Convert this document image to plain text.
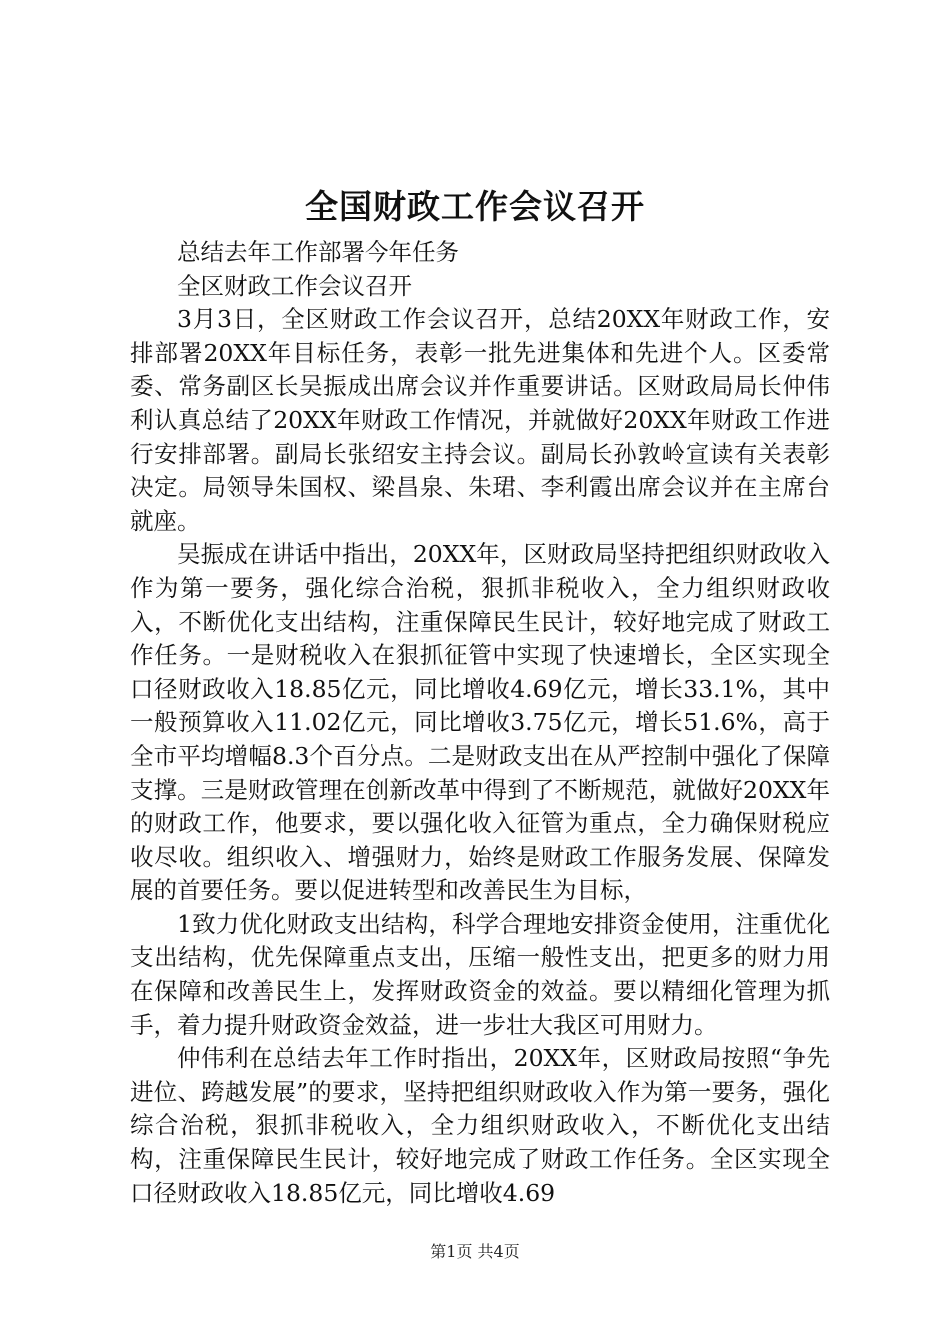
全国财政工作会议召开

总结去年工作部署今年任务

全区财政工作会议召开

3月3日，全区财政工作会议召开，总结20XX年财政工作，安排部署20XX年目标任务，表彰一批先进集体和先进个人。区委常委、常务副区长吴振成出席会议并作重要讲话。区财政局局长仲伟利认真总结了20XX年财政工作情况，并就做好20XX年财政工作进行安排部署。副局长张绍安主持会议。副局长孙敦岭宣读有关表彰决定。局领导朱国权、梁昌泉、朱珺、李利霞出席会议并在主席台就座。

吴振成在讲话中指出，20XX年，区财政局坚持把组织财政收入作为第一要务，强化综合治税，狠抓非税收入，全力组织财政收入，不断优化支出结构，注重保障民生民计，较好地完成了财政工作任务。一是财税收入在狠抓征管中实现了快速增长，全区实现全口径财政收入18.85亿元，同比增收4.69亿元，增长33.1%，其中一般预算收入11.02亿元，同比增收3.75亿元，增长51.6%，高于全市平均增幅8.3个百分点。二是财政支出在从严控制中强化了保障支撑。三是财政管理在创新改革中得到了不断规范，就做好20XX年的财政工作，他要求，要以强化收入征管为重点，全力确保财税应收尽收。组织收入、增强财力，始终是财政工作服务发展、保障发展的首要任务。要以促进转型和改善民生为目标，

1致力优化财政支出结构，科学合理地安排资金使用，注重优化支出结构，优先保障重点支出，压缩一般性支出，把更多的财力用在保障和改善民生上，发挥财政资金的效益。要以精细化管理为抓手，着力提升财政资金效益，进一步壮大我区可用财力。

仲伟利在总结去年工作时指出，20XX年，区财政局按照“争先进位、跨越发展”的要求，坚持把组织财政收入作为第一要务，强化综合治税，狠抓非税收入，全力组织财政收入，不断优化支出结构，注重保障民生民计，较好地完成了财政工作任务。全区实现全口径财政收入18.85亿元，同比增收4.69

第1页 共4页
